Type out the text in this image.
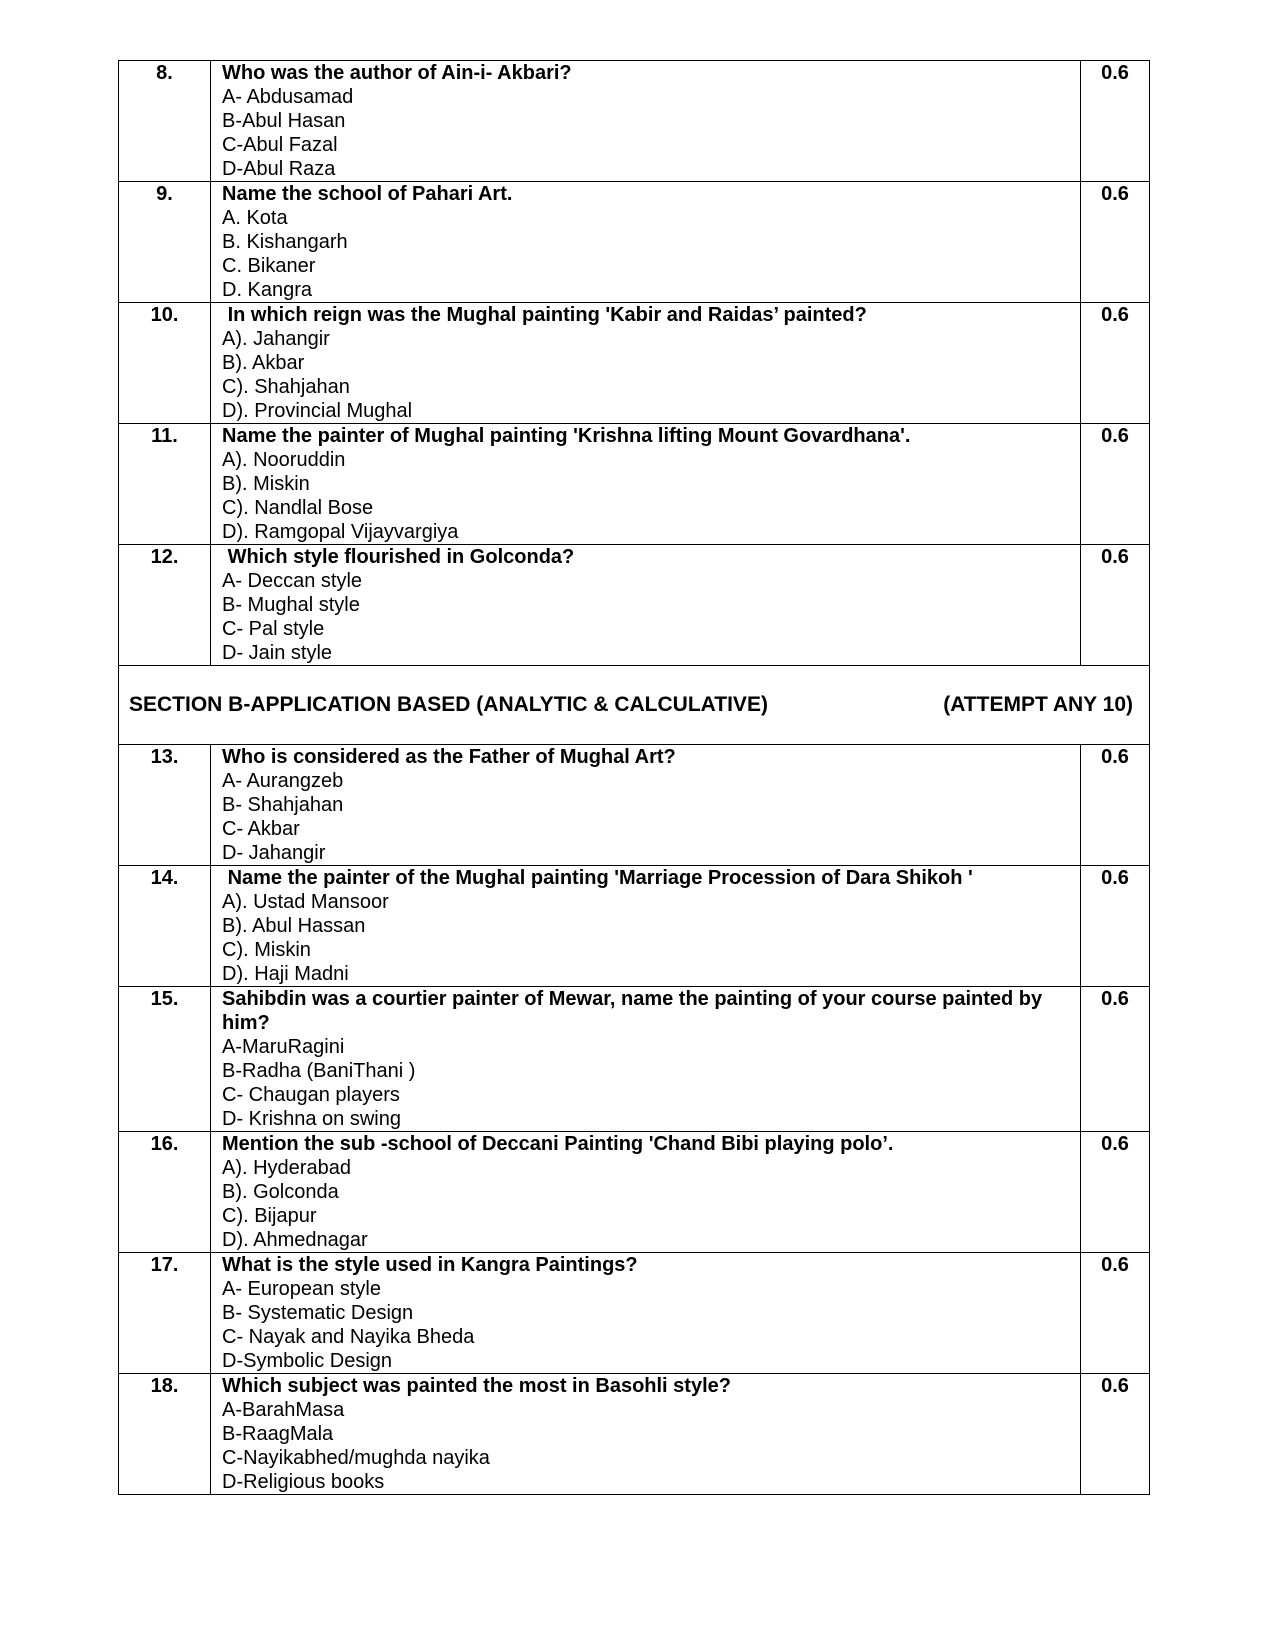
8.	Who was the author of Ain-i- Akbari?
A- Abdusamad
B-Abul Hasan
C-Abul Fazal
D-Abul Raza	0.6
9.	Name the school of Pahari Art.
A. Kota
B. Kishangarh
C. Bikaner
D. Kangra	0.6
10.	In which reign was the Mughal painting 'Kabir and Raidas’ painted?
A). Jahangir
B). Akbar
C). Shahjahan
D). Provincial Mughal	0.6
11.	Name the painter of Mughal painting 'Krishna lifting Mount Govardhana'.
A). Nooruddin
B). Miskin
C). Nandlal Bose
D). Ramgopal Vijayvargiya	0.6
12.	Which style flourished in Golconda?
A- Deccan style
B- Mughal style
C- Pal style
D- Jain style	0.6

SECTION B-APPLICATION BASED (ANALYTIC & CALCULATIVE) (ATTEMPT ANY 10)		

13.	Who is considered as the Father of Mughal Art?
A- Aurangzeb
B- Shahjahan
C- Akbar
D- Jahangir	0.6
14.	Name the painter of the Mughal painting 'Marriage Procession of Dara Shikoh '
A). Ustad Mansoor
B). Abul Hassan
C). Miskin
D). Haji Madni	0.6
15.	Sahibdin was a courtier painter of Mewar, name the painting of your course painted by him?
A-MaruRagini
B-Radha (BaniThani )
C- Chaugan players
D- Krishna on swing	0.6
16.	Mention the sub -school of Deccani Painting 'Chand Bibi playing polo’.
A). Hyderabad
B). Golconda
C). Bijapur
D). Ahmednagar	0.6
17.	What is the style used in Kangra Paintings?
A- European style
B- Systematic Design
C- Nayak and Nayika Bheda
D-Symbolic Design	0.6
18.	Which subject was painted the most in Basohli style?
A-BarahMasa
B-RaagMala
C-Nayikabhed/mughda nayika
D-Religious books	0.6
